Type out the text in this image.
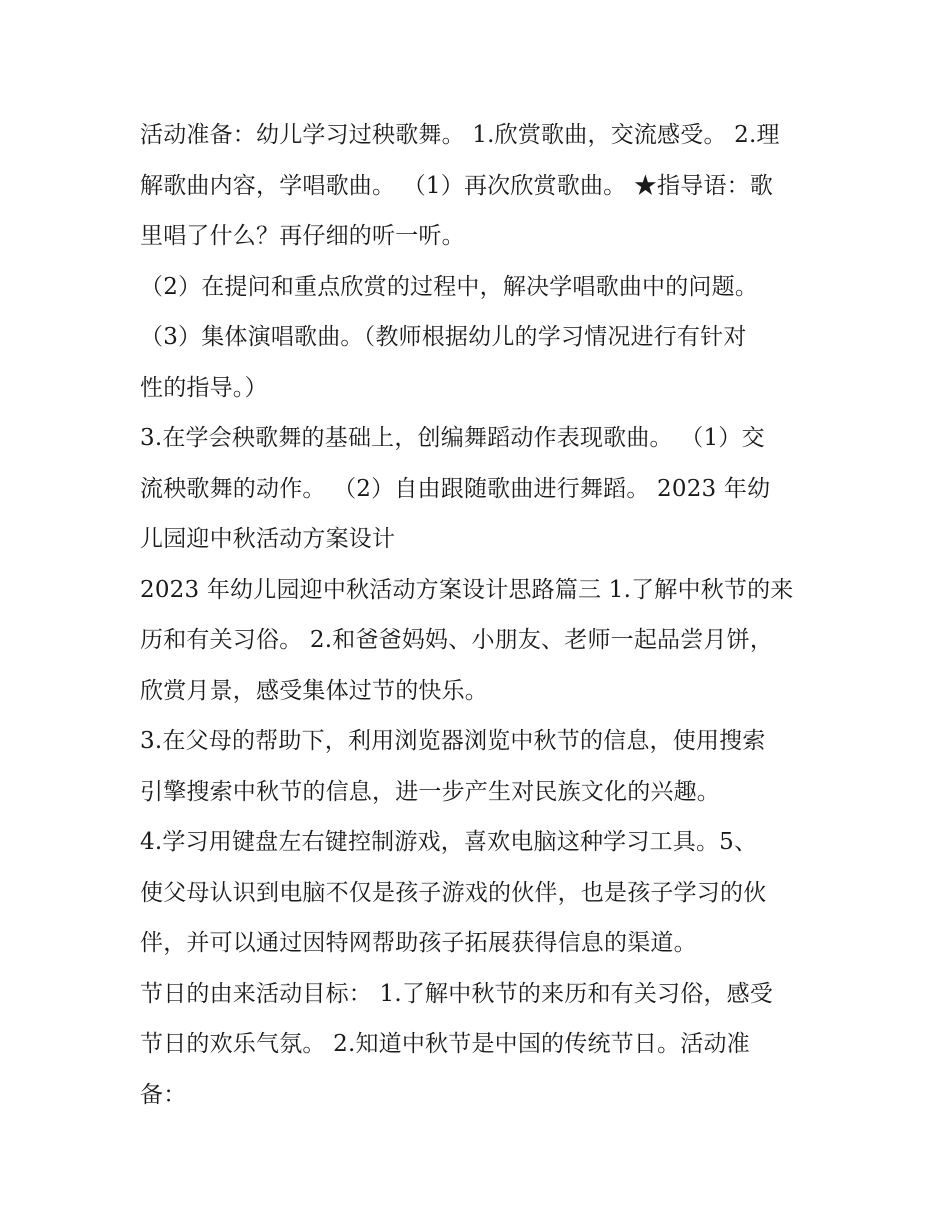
活动准备：幼儿学习过秧歌舞。 1.欣赏歌曲，交流感受。 2.理
解歌曲内容，学唱歌曲。 （1）再次欣赏歌曲。 ★指导语：歌
里唱了什么？再仔细的听一听。
（2）在提问和重点欣赏的过程中，解决学唱歌曲中的问题。
（3）集体演唱歌曲。（教师根据幼儿的学习情况进行有针对
性的指导。）
3.在学会秧歌舞的基础上，创编舞蹈动作表现歌曲。 （1）交
流秧歌舞的动作。 （2）自由跟随歌曲进行舞蹈。 2023 年幼
儿园迎中秋活动方案设计
2023 年幼儿园迎中秋活动方案设计思路篇三 1.了解中秋节的来
历和有关习俗。 2.和爸爸妈妈、小朋友、老师一起品尝月饼，
欣赏月景，感受集体过节的快乐。
3.在父母的帮助下，利用浏览器浏览中秋节的信息，使用搜索
引擎搜索中秋节的信息，进一步产生对民族文化的兴趣。
4.学习用键盘左右键控制游戏，喜欢电脑这种学习工具。5、
使父母认识到电脑不仅是孩子游戏的伙伴，也是孩子学习的伙
伴，并可以通过因特网帮助孩子拓展获得信息的渠道。
节日的由来活动目标： 1.了解中秋节的来历和有关习俗，感受
节日的欢乐气氛。 2.知道中秋节是中国的传统节日。活动准
备：
